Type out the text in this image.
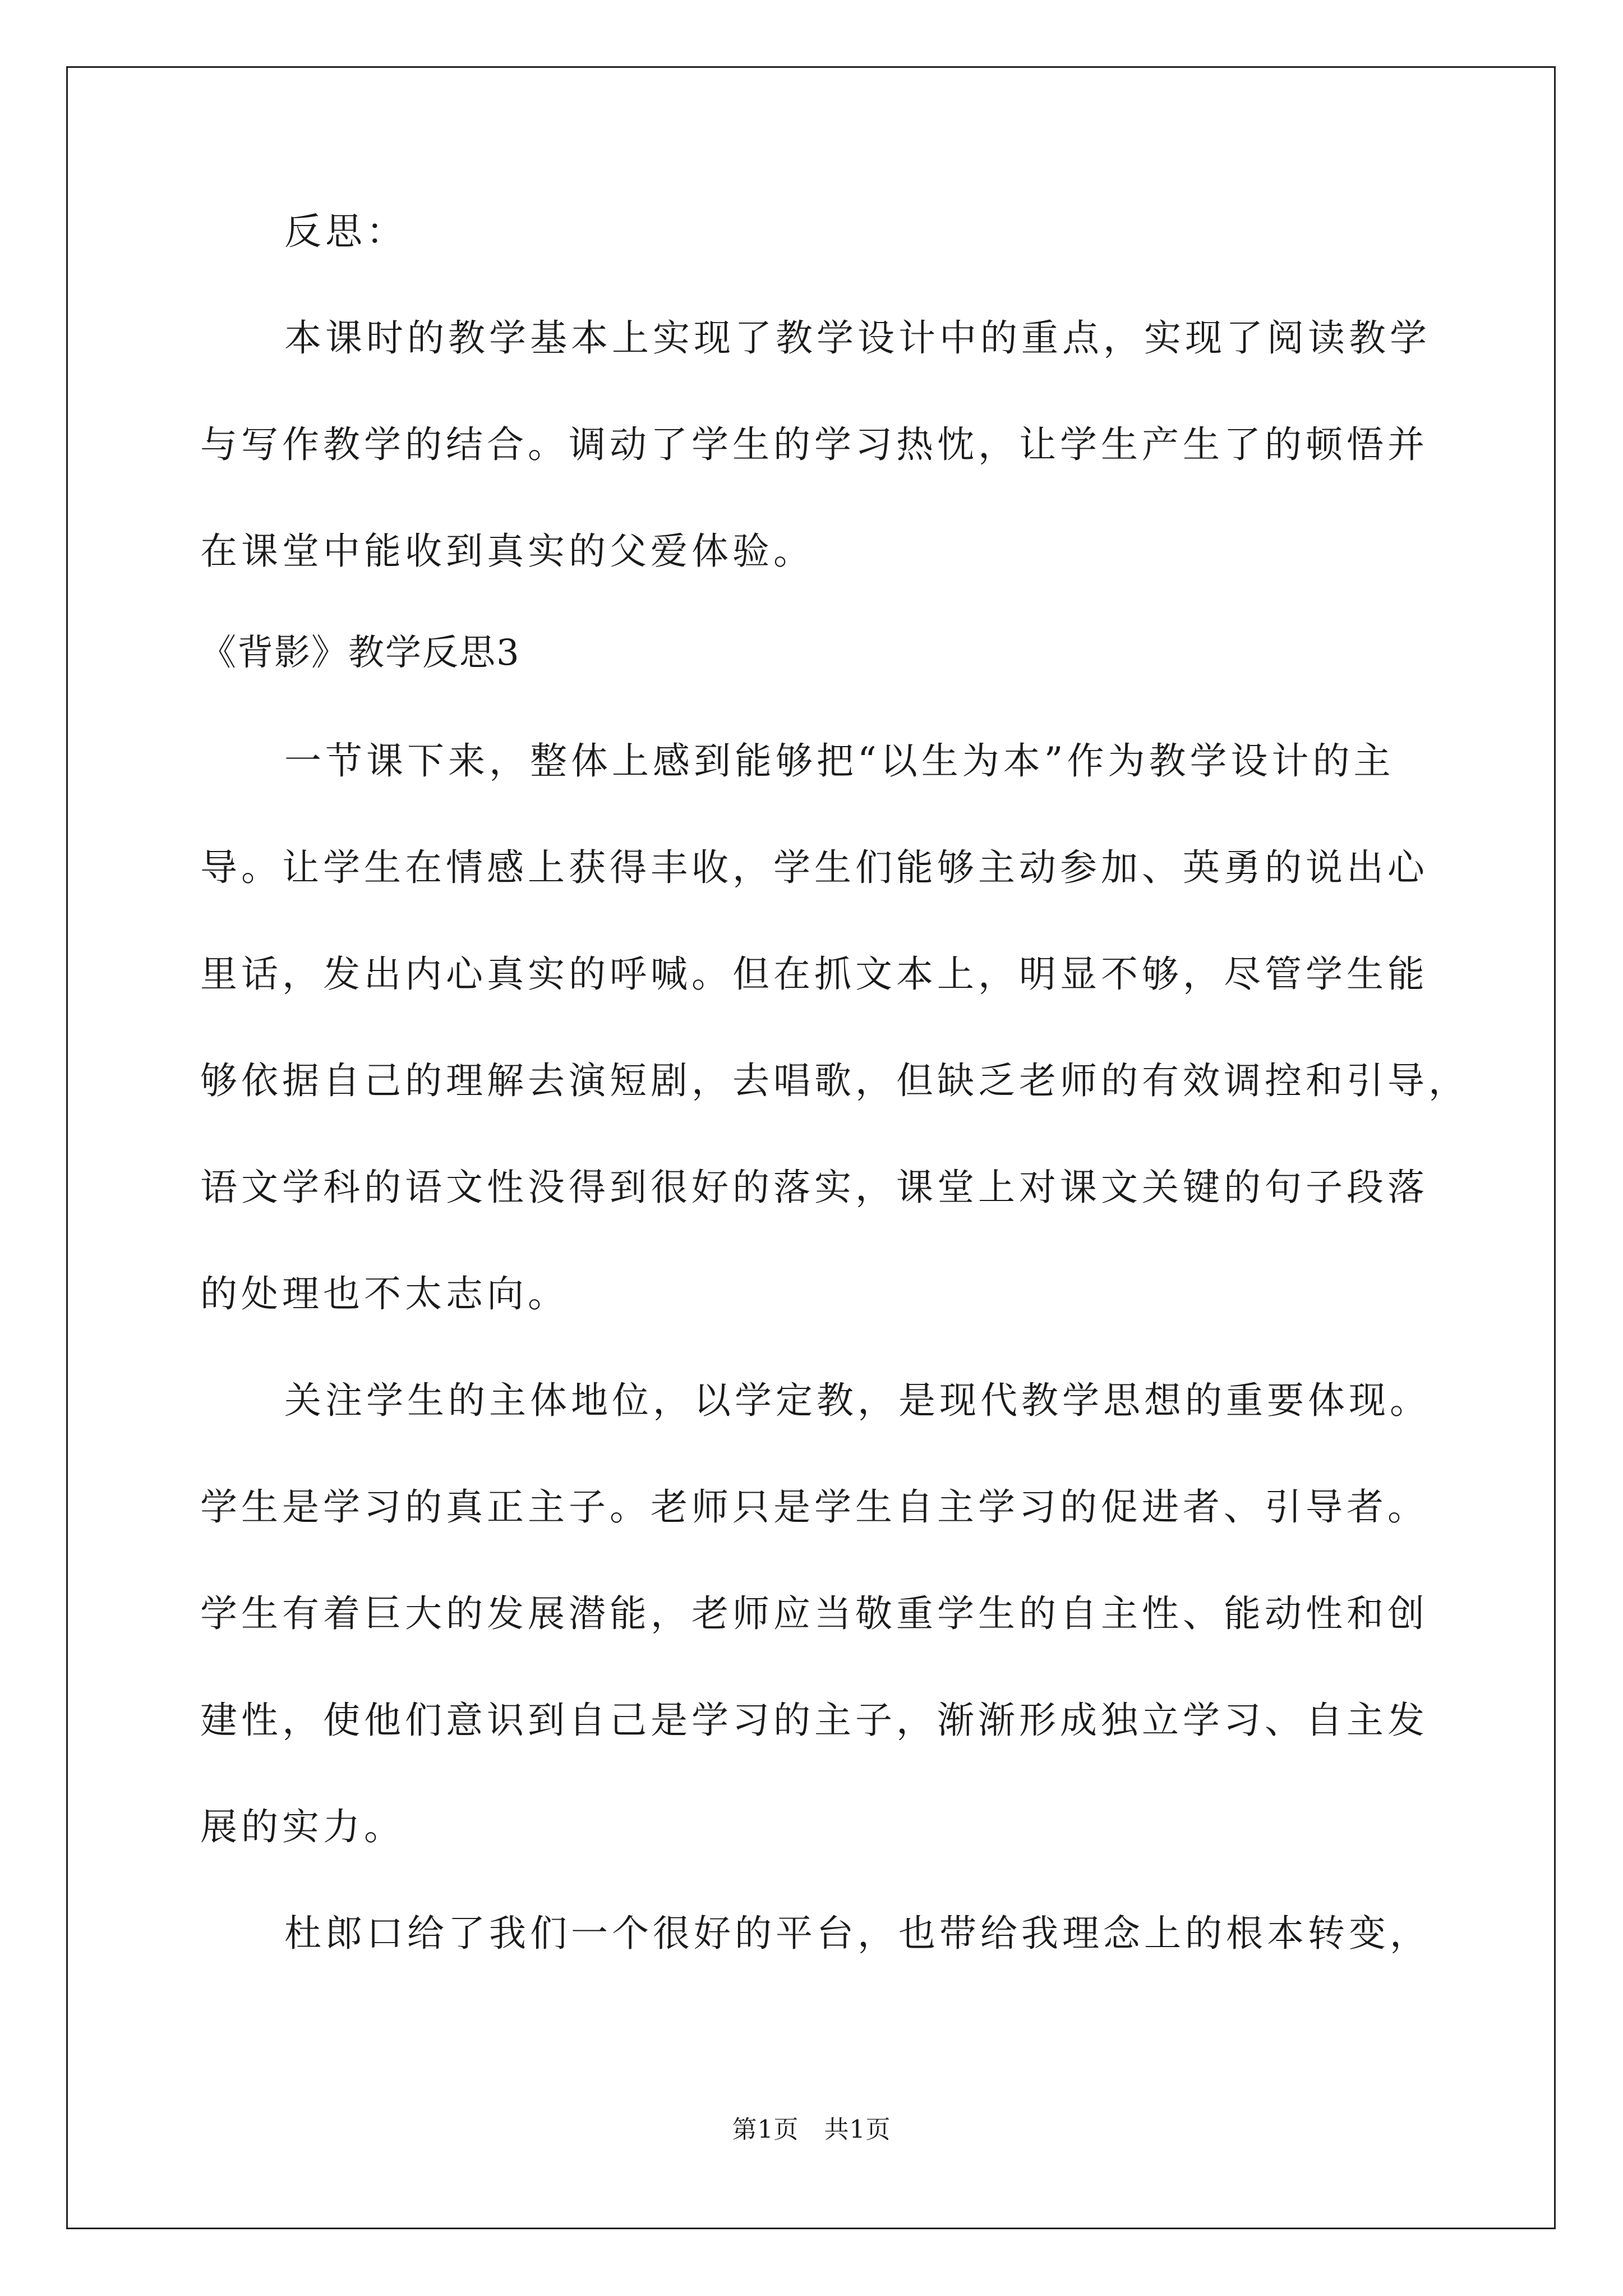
反思：

本课时的教学基本上实现了教学设计中的重点，实现了阅读教学

与写作教学的结合。调动了学生的学习热忱，让学生产生了的顿悟并

在课堂中能收到真实的父爱体验。

《背影》教学反思3

一节课下来，整体上感到能够把“以生为本”作为教学设计的主

导。让学生在情感上获得丰收，学生们能够主动参加、英勇的说出心

里话，发出内心真实的呼喊。但在抓文本上，明显不够，尽管学生能

够依据自己的理解去演短剧，去唱歌，但缺乏老师的有效调控和引导，

语文学科的语文性没得到很好的落实，课堂上对课文关键的句子段落

的处理也不太志向。

关注学生的主体地位，以学定教，是现代教学思想的重要体现。

学生是学习的真正主子。老师只是学生自主学习的促进者、引导者。

学生有着巨大的发展潜能，老师应当敬重学生的自主性、能动性和创

建性，使他们意识到自己是学习的主子，渐渐形成独立学习、自主发

展的实力。

杜郎口给了我们一个很好的平台，也带给我理念上的根本转变，

第1页 共1页
